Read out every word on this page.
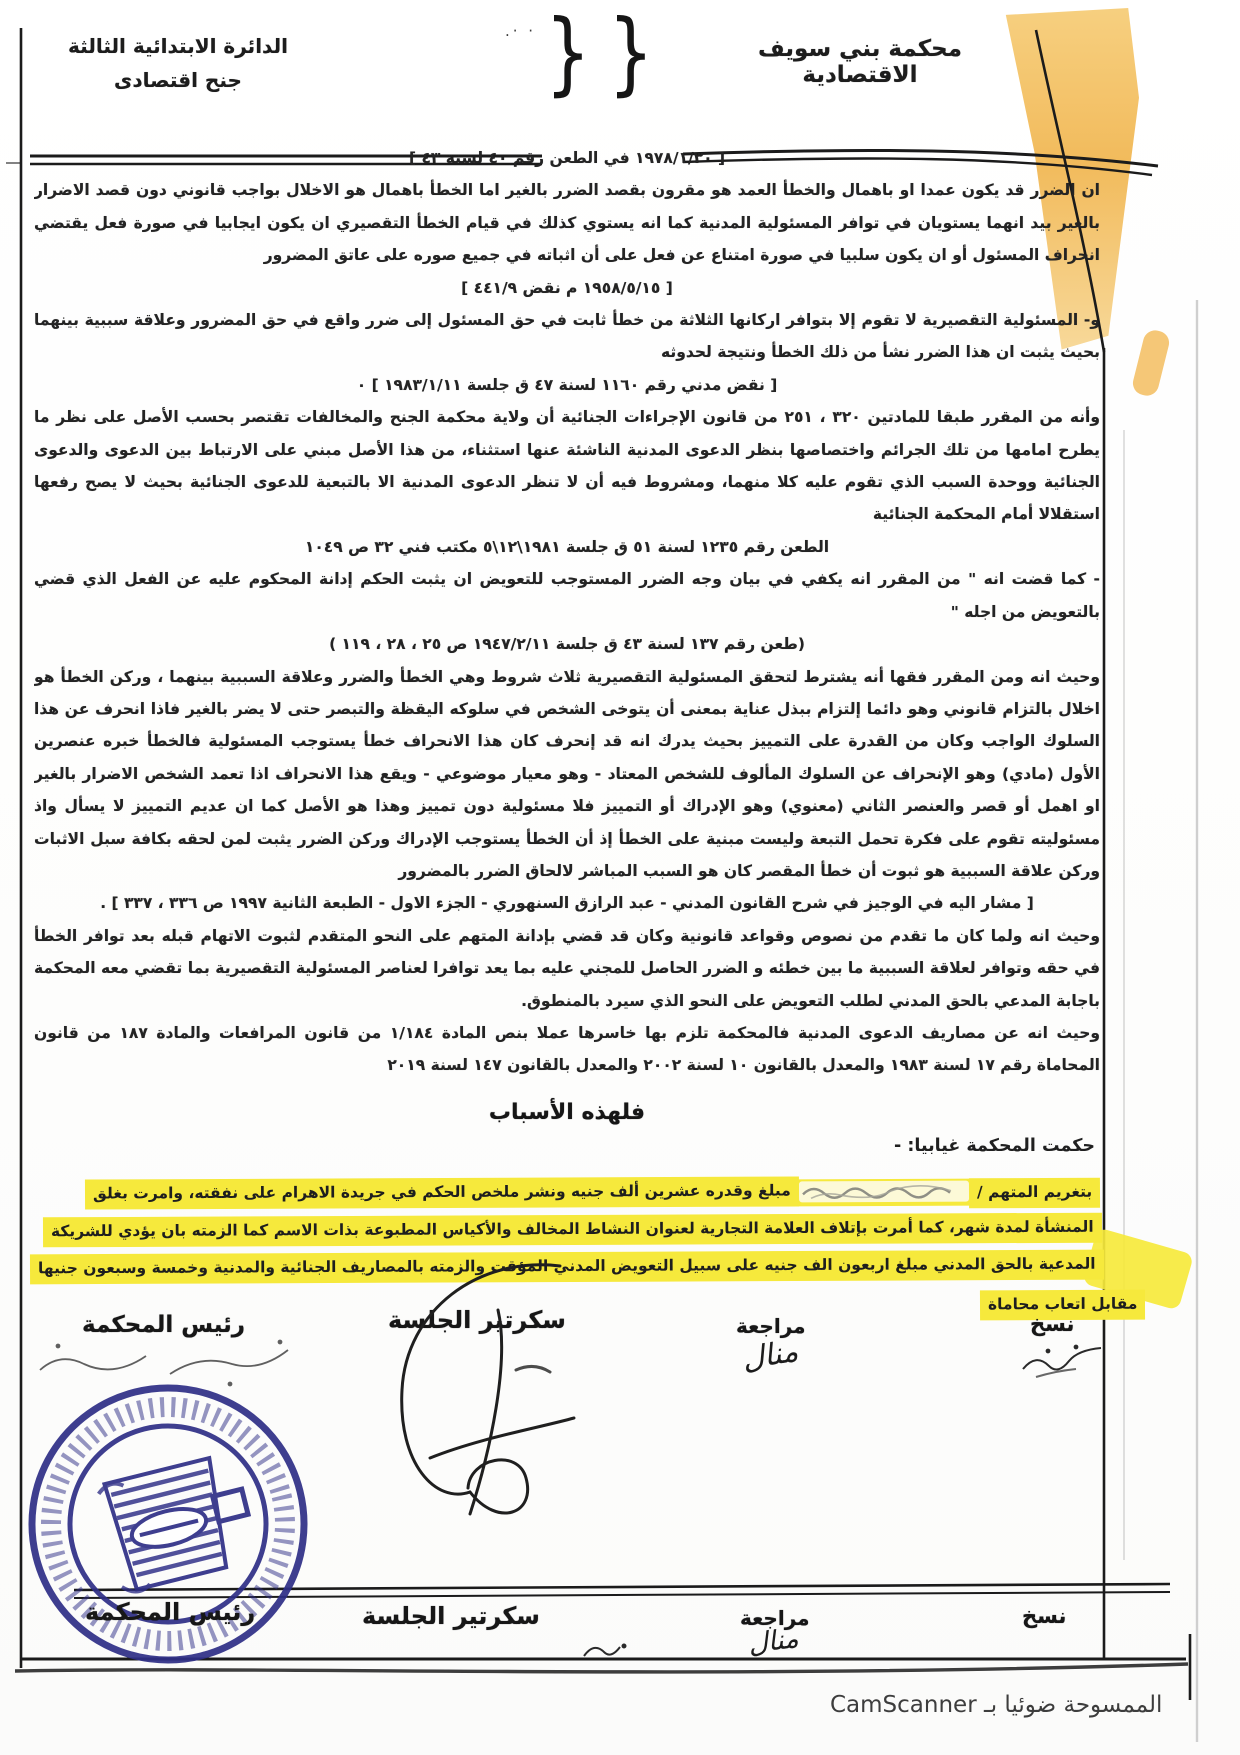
محكمة بني سويف الاقتصادية
الدائرة الابتدائية الثالثة
جنح اقتصادى	{ {
· ·.

[ ١٩٧٨/١/٣٠ في الطعن رقم ٤٠ لسنة ٤٣ ]

ان الضرر قد يكون عمدا او باهمال والخطأ العمد هو مقرون بقصد الضرر بالغير اما الخطأ باهمال هو الاخلال بواجب قانوني دون قصد الاضرار بالغير بيد انهما يستويان في توافر المسئولية المدنية كما انه يستوي كذلك في قيام الخطأ التقصيري ان يكون ايجابيا في صورة فعل يقتضي انحراف المسئول أو ان يكون سلبيا في صورة امتناع عن فعل على أن اثباته في جميع صوره على عاتق المضرور

[ ١٩٥٨/٥/١٥ م نقض ٤٤١/٩ ]

و- المسئولية التقصيرية لا تقوم إلا بتوافر اركانها الثلاثة من خطأ ثابت في حق المسئول إلى ضرر واقع في حق المضرور وعلاقة سببية بينهما بحيث يثبت ان هذا الضرر نشأ من ذلك الخطأ ونتيجة لحدوثه

[ نقض مدني رقم ١١٦٠ لسنة ٤٧ ق جلسة ١٩٨٣/١/١١ ] ٠

وأنه من المقرر طبقا للمادتين ٣٢٠ ، ٢٥١ من قانون الإجراءات الجنائية أن ولاية محكمة الجنح والمخالفات تقتصر بحسب الأصل على نظر ما يطرح امامها من تلك الجرائم واختصاصها بنظر الدعوى المدنية الناشئة عنها استثناء، من هذا الأصل مبني على الارتباط بين الدعوى والدعوى الجنائية ووحدة السبب الذي تقوم عليه كلا منهما، ومشروط فيه أن لا تنظر الدعوى المدنية الا بالتبعية للدعوى الجنائية بحيث لا يصح رفعها استقلالا أمام المحكمة الجنائية

الطعن رقم ١٢٣٥ لسنة ٥١ ق جلسة ١٩٨١\١٢\٥ مكتب فني ٣٢ ص ١٠٤٩

- كما قضت انه " من المقرر انه يكفي في بيان وجه الضرر المستوجب للتعويض ان يثبت الحكم إدانة المحكوم عليه عن الفعل الذي قضي بالتعويض من اجله "

(طعن رقم ١٣٧ لسنة ٤٣ ق جلسة ١٩٤٧/٢/١١ ص ٢٥ ، ٢٨ ، ١١٩ )

وحيث انه ومن المقرر فقها أنه يشترط لتحقق المسئولية التقصيرية ثلاث شروط وهي الخطأ والضرر وعلاقة السببية بينهما ، وركن الخطأ هو اخلال بالتزام قانوني وهو دائما إلتزام ببذل عناية بمعنى أن يتوخى الشخص في سلوكه اليقظة والتبصر حتى لا يضر بالغير فاذا انحرف عن هذا السلوك الواجب وكان من القدرة على التمييز بحيث يدرك انه قد إنحرف كان هذا الانحراف خطأ يستوجب المسئولية فالخطأ خبره عنصرين الأول (مادي) وهو الإنحراف عن السلوك المألوف للشخص المعتاد - وهو معيار موضوعي - ويقع هذا الانحراف اذا تعمد الشخص الاضرار بالغير او اهمل أو قصر والعنصر الثاني (معنوي) وهو الإدراك أو التمييز فلا مسئولية دون تمييز وهذا هو الأصل كما ان عديم التمييز لا يسأل واذ مسئوليته تقوم على فكرة تحمل التبعة وليست مبنية على الخطأ إذ أن الخطأ يستوجب الإدراك وركن الضرر يثبت لمن لحقه بكافة سبل الاثبات وركن علاقة السببية هو ثبوت أن خطأ المقصر كان هو السبب المباشر لالحاق الضرر بالمضرور

[ مشار اليه في الوجيز في شرح القانون المدني - عبد الرازق السنهوري - الجزء الاول - الطبعة الثانية ١٩٩٧ ص ٣٣٦ ، ٣٣٧ ] .

وحيث انه ولما كان ما تقدم من نصوص وقواعد قانونية وكان قد قضي بإدانة المتهم على النحو المتقدم لثبوت الاتهام قبله بعد توافر الخطأ في حقه وتوافر لعلاقة السببية ما بين خطئه و الضرر الحاصل للمجني عليه بما يعد توافرا لعناصر المسئولية التقصيرية بما تقضي معه المحكمة باجابة المدعي بالحق المدني لطلب التعويض على النحو الذي سيرد بالمنطوق.

وحيث انه عن مصاريف الدعوى المدنية فالمحكمة تلزم بها خاسرها عملا بنص المادة ١/١٨٤ من قانون المرافعات والمادة ١٨٧ من قانون المحاماة رقم ١٧ لسنة ١٩٨٣ والمعدل بالقانون ١٠ لسنة ٢٠٠٢ والمعدل بالقانون ١٤٧ لسنة ٢٠١٩

فلهذه الأسباب
حكمت المحكمة غيابيا: -
بتغريم المتهم /
مبلغ وقدره عشرين ألف جنيه ونشر ملخص الحكم في جريدة الاهرام على نفقته، وامرت بغلق
المنشأة لمدة شهر، كما أمرت بإتلاف العلامة التجارية لعنوان النشاط المخالف والأكياس المطبوعة بذات الاسم كما الزمته بان يؤدي للشريكة
المدعية بالحق المدني مبلغ اربعون الف جنيه على سبيل التعويض المدني المؤقت والزمته بالمصاريف الجنائية والمدنية وخمسة وسبعون جنيها
مقابل اتعاب محاماة
نسخ
مراجعة
سكرتير الجلسة
رئيس المحكمة
منال
نسخ
مراجعة
سكرتير الجلسة
رئيس المحكمة
منال
الممسوحة ضوئيا بـ CamScanner
